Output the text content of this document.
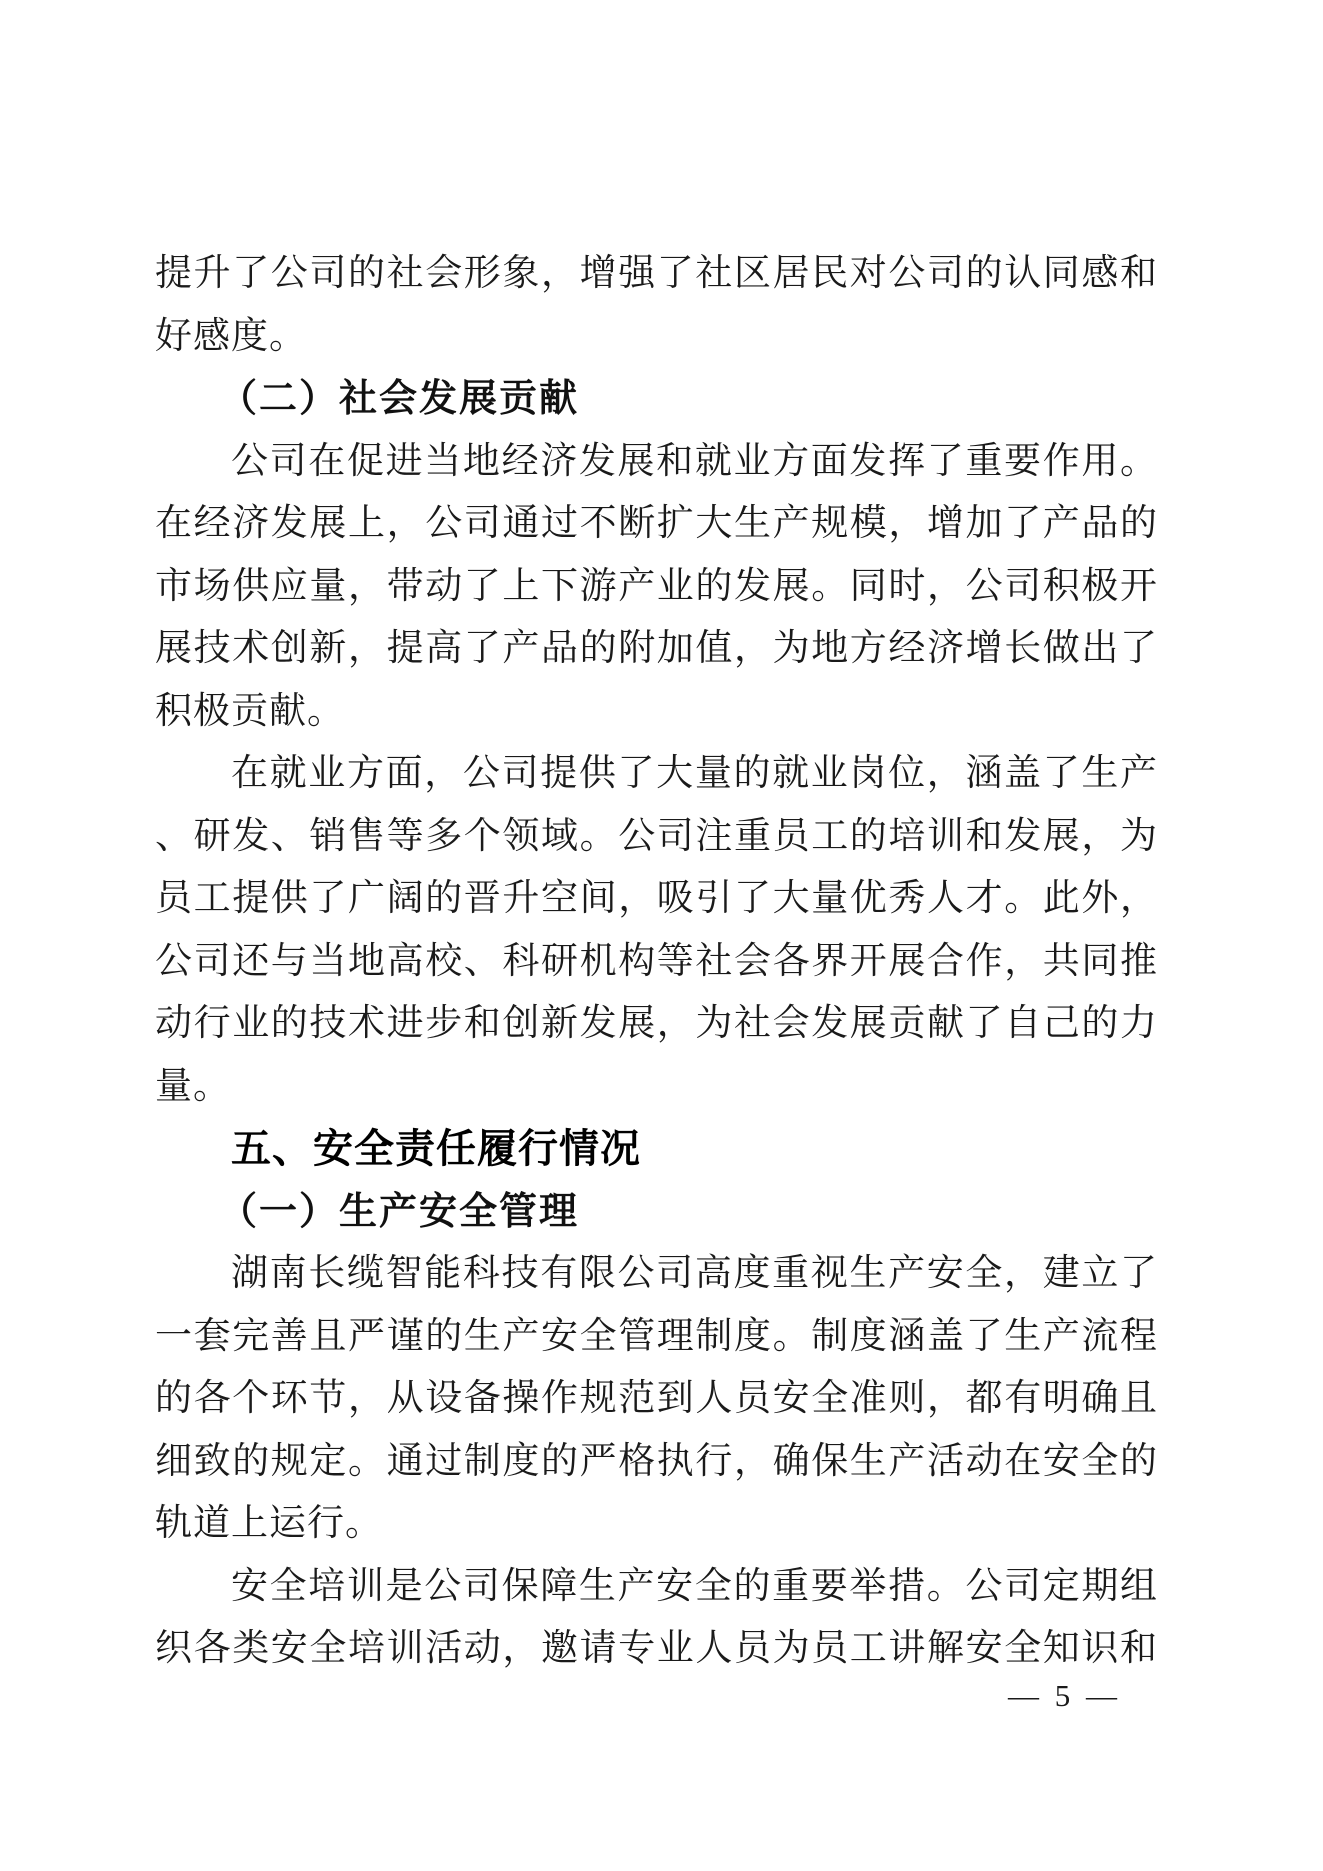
提升了公司的社会形象，增强了社区居民对公司的认同感和
好感度。
（二）社会发展贡献
公司在促进当地经济发展和就业方面发挥了重要作用。
在经济发展上，公司通过不断扩大生产规模，增加了产品的
市场供应量，带动了上下游产业的发展。同时，公司积极开
展技术创新，提高了产品的附加值，为地方经济增长做出了
积极贡献。
在就业方面，公司提供了大量的就业岗位，涵盖了生产
、研发、销售等多个领域。公司注重员工的培训和发展，为
员工提供了广阔的晋升空间，吸引了大量优秀人才。此外，
公司还与当地高校、科研机构等社会各界开展合作，共同推
动行业的技术进步和创新发展，为社会发展贡献了自己的力
量。
五、安全责任履行情况
（一）生产安全管理
湖南长缆智能科技有限公司高度重视生产安全，建立了
一套完善且严谨的生产安全管理制度。制度涵盖了生产流程
的各个环节，从设备操作规范到人员安全准则，都有明确且
细致的规定。通过制度的严格执行，确保生产活动在安全的
轨道上运行。
安全培训是公司保障生产安全的重要举措。公司定期组
织各类安全培训活动，邀请专业人员为员工讲解安全知识和
— 5 —
